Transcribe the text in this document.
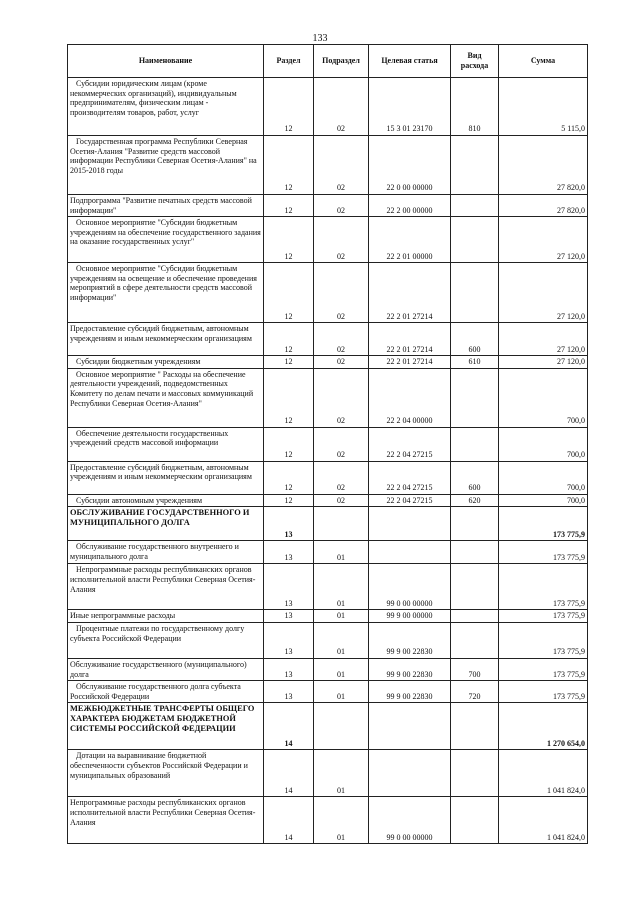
133
Наименование	Раздел	Подраздел	Целевая статья	Вид расхода	Сумма
Субсидии юридическим лицам (кроме некоммерческих организаций), индивидуальным предпринимателям, физическим лицам - производителям товаров, работ, услуг	12	02	15 3 01 23170	810	5 115,0
Государственная программа Республики Северная Осетия-Алания "Развитие средств массовой информации Республики Северная Осетия-Алания" на 2015-2018 годы	12	02	22 0 00 00000		27 820,0
Подпрограмма "Развитие печатных средств массовой информации"	12	02	22 2 00 00000		27 820,0
Основное мероприятие "Субсидии бюджетным учреждениям на обеспечение государственного задания на оказание государственных услуг"	12	02	22 2 01 00000		27 120,0
Основное мероприятие "Субсидии бюджетным учреждениям на освещение и обеспечение проведения мероприятий в сфере деятельности средств массовой информации"	12	02	22 2 01 27214		27 120,0
Предоставление субсидий бюджетным, автономным учреждениям и иным некоммерческим организациям	12	02	22 2 01 27214	600	27 120,0
Субсидии бюджетным учреждениям	12	02	22 2 01 27214	610	27 120,0
Основное мероприятие " Расходы на обеспечение деятельности учреждений, подведомственных Комитету по делам печати и массовых коммуникаций Республики Северная Осетия-Алания"	12	02	22 2 04 00000		700,0
Обеспечение деятельности государственных учреждений средств массовой информации	12	02	22 2 04 27215		700,0
Предоставление субсидий бюджетным, автономным учреждениям и иным некоммерческим организациям	12	02	22 2 04 27215	600	700,0
Субсидии автономным учреждениям	12	02	22 2 04 27215	620	700,0
ОБСЛУЖИВАНИЕ ГОСУДАРСТВЕННОГО И МУНИЦИПАЛЬНОГО ДОЛГА	13				173 775,9
Обслуживание государственного внутреннего и муниципального долга	13	01			173 775,9
Непрограммные расходы республиканских органов исполнительной власти Республики Северная Осетия-Алания	13	01	99 0 00 00000		173 775,9
Иные непрограммные расходы	13	01	99 9 00 00000		173 775,9
Процентные платежи по государственному долгу субъекта Российской Федерации	13	01	99 9 00 22830		173 775,9
Обслуживание государственного (муниципального) долга	13	01	99 9 00 22830	700	173 775,9
Обслуживание государственного долга субъекта Российской Федерации	13	01	99 9 00 22830	720	173 775,9
МЕЖБЮДЖЕТНЫЕ ТРАНСФЕРТЫ ОБЩЕГО ХАРАКТЕРА БЮДЖЕТАМ БЮДЖЕТНОЙ СИСТЕМЫ РОССИЙСКОЙ ФЕДЕРАЦИИ	14				1 270 654,0
Дотации на выравнивание бюджетной обеспеченности субъектов Российской Федерации и муниципальных образований	14	01			1 041 824,0
Непрограммные расходы республиканских органов исполнительной власти Республики Северная Осетия-Алания	14	01	99 0 00 00000		1 041 824,0
